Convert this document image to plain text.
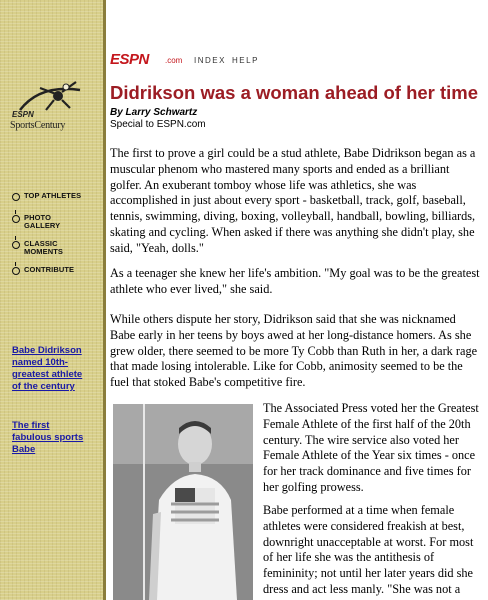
ESPN
SportsCentury
TOP ATHLETES
PHOTO
GALLERY
CLASSIC
MOMENTS
CONTRIBUTE
Babe Didrikson
named 10th-
greatest athlete
of the century
The first
fabulous sports
Babe
ESPN .com INDEX HELP
Didrikson was a woman ahead of her time
By Larry Schwartz
Special to ESPN.com

The first to prove a girl could be a stud athlete, Babe Didrikson began as a muscular phenom who mastered many sports and ended as a brilliant golfer. An exuberant tomboy whose life was athletics, she was accomplished in just about every sport - basketball, track, golf, baseball, tennis, swimming, diving, boxing, volleyball, handball, bowling, billiards, skating and cycling. When asked if there was anything she didn't play, she said, "Yeah, dolls."

As a teenager she knew her life's ambition. "My goal was to be the greatest athlete who ever lived," she said.

While others dispute her story, Didrikson said that she was nicknamed Babe early in her teens by boys awed at her long-distance homers. As she grew older, there seemed to be more Ty Cobb than Ruth in her, a dark rage that made losing intolerable. Like for Cobb, animosity seemed to be the fuel that stoked Babe's competitive fire.

The Associated Press voted her the Greatest Female Athlete of the first half of the 20th century. The wire service also voted her Female Athlete of the Year six times - once for her track dominance and five times for her golfing prowess.

Babe performed at a time when female athletes were considered freakish at best, downright unacceptable at worst. For most of her life she was the antithesis of femininity; not until her later years did she dress and act less manly. "She was not a
